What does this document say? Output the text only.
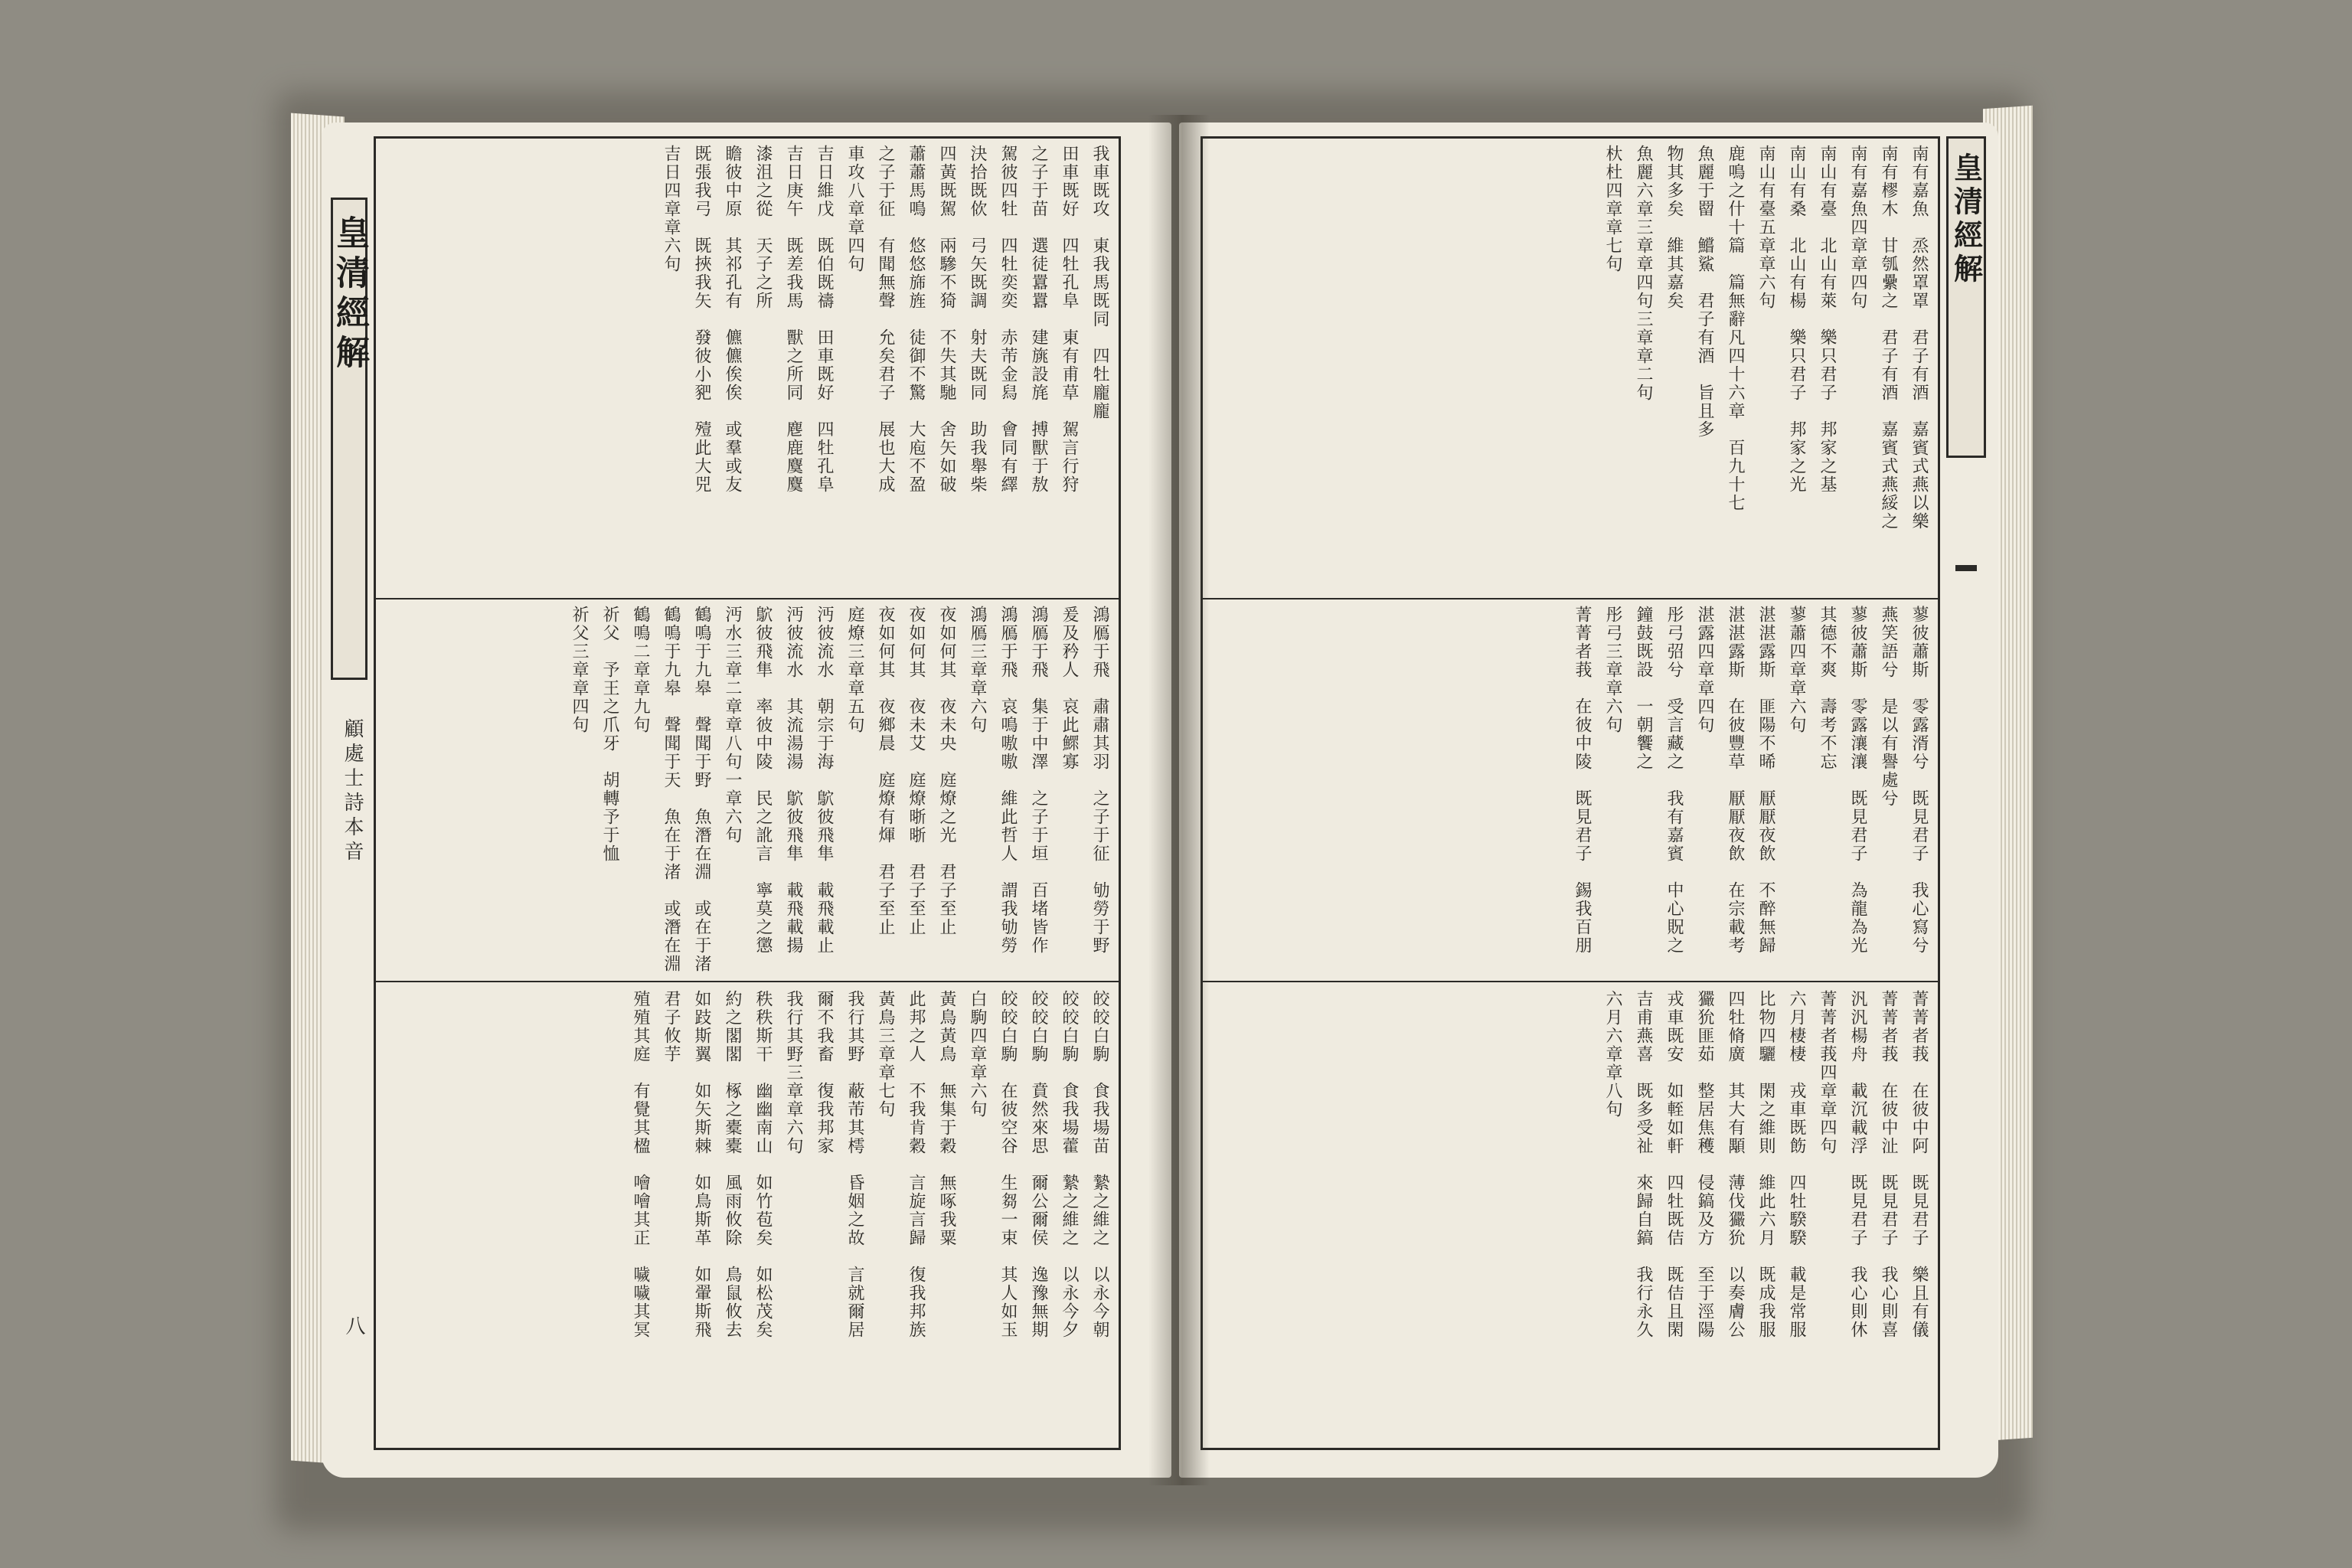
皇清經解
顧處士詩本音
八
我車既攻　東我馬既同　四牡龐龐
田車既好　四牡孔阜　東有甫草　駕言行狩
之子于苗　選徒囂囂　建旐設旄　搏獸于敖
駕彼四牡　四牡奕奕　赤芾金舄　會同有繹
決拾既佽　弓矢既調　射夫既同　助我舉柴
四黃既駕　兩驂不猗　不失其馳　舍矢如破
蕭蕭馬鳴　悠悠旆旌　徒御不驚　大庖不盈
之子于征　有聞無聲　允矣君子　展也大成
車攻八章章四句
吉日維戊　既伯既禱　田車既好　四牡孔阜
吉日庚午　既差我馬　獸之所同　麀鹿麌麌
漆沮之從　天子之所
瞻彼中原　其祁孔有　儦儦俟俟　或羣或友
既張我弓　既挾我矢　發彼小豝　殪此大兕
吉日四章章六句
鴻鴈于飛　肅肅其羽　之子于征　劬勞于野
爰及矜人　哀此鰥寡
鴻鴈于飛　集于中澤　之子于垣　百堵皆作
鴻鴈于飛　哀鳴嗷嗷　維此哲人　謂我劬勞
鴻鴈三章章六句
夜如何其　夜未央　庭燎之光　君子至止
夜如何其　夜未艾　庭燎晣晣　君子至止
夜如何其　夜鄉晨　庭燎有煇　君子至止
庭燎三章章五句
沔彼流水　朝宗于海　鴥彼飛隼　載飛載止
沔彼流水　其流湯湯　鴥彼飛隼　載飛載揚
鴥彼飛隼　率彼中陵　民之訛言　寧莫之懲
沔水三章二章章八句一章六句
鶴鳴于九皋　聲聞于野　魚潛在淵　或在于渚
鶴鳴于九皋　聲聞于天　魚在于渚　或潛在淵
鶴鳴二章章九句
祈父　予王之爪牙　胡轉予于恤
祈父三章章四句
皎皎白駒　食我場苗　縶之維之　以永今朝
皎皎白駒　食我場藿　縶之維之　以永今夕
皎皎白駒　賁然來思　爾公爾侯　逸豫無期
皎皎白駒　在彼空谷　生芻一束　其人如玉
白駒四章章六句
黃鳥黃鳥　無集于穀　無啄我粟
此邦之人　不我肯穀　言旋言歸　復我邦族
黃鳥三章章七句
我行其野　蔽芾其樗　昏姻之故　言就爾居
爾不我畜　復我邦家
我行其野三章章六句
秩秩斯干　幽幽南山　如竹苞矣　如松茂矣
約之閣閣　椓之橐橐　風雨攸除　鳥鼠攸去
如跂斯翼　如矢斯棘　如鳥斯革　如翬斯飛
君子攸芋
殖殖其庭　有覺其楹　噲噲其正　噦噦其冥
南有嘉魚　烝然罩罩　君子有酒　嘉賓式燕以樂
南有樛木　甘瓠纍之　君子有酒　嘉賓式燕綏之
南有嘉魚四章章四句
南山有臺　北山有萊　樂只君子　邦家之基
南山有桑　北山有楊　樂只君子　邦家之光
南山有臺五章章六句
鹿鳴之什十篇　篇無辭凡四十六章　百九十七
魚麗于罶　鱨鯊　君子有酒　旨且多
物其多矣　維其嘉矣
魚麗六章三章章四句三章章二句
杕杜四章章七句
蓼彼蕭斯　零露湑兮　既見君子　我心寫兮
燕笑語兮　是以有譽處兮
蓼彼蕭斯　零露瀼瀼　既見君子　為龍為光
其德不爽　壽考不忘
蓼蕭四章章六句
湛湛露斯　匪陽不晞　厭厭夜飲　不醉無歸
湛湛露斯　在彼豐草　厭厭夜飲　在宗載考
湛露四章章四句
彤弓弨兮　受言藏之　我有嘉賓　中心貺之
鐘鼓既設　一朝饗之
彤弓三章章六句
菁菁者莪　在彼中陵　既見君子　錫我百朋
菁菁者莪　在彼中阿　既見君子　樂且有儀
菁菁者莪　在彼中沚　既見君子　我心則喜
汎汎楊舟　載沉載浮　既見君子　我心則休
菁菁者莪四章章四句
六月棲棲　戎車既飭　四牡騤騤　載是常服
比物四驪　閑之維則　維此六月　既成我服
四牡脩廣　其大有顒　薄伐玁狁　以奏膚公
玁狁匪茹　整居焦穫　侵鎬及方　至于涇陽
戎車既安　如輊如軒　四牡既佶　既佶且閑
吉甫燕喜　既多受祉　來歸自鎬　我行永久
六月六章章八句
皇清經解
